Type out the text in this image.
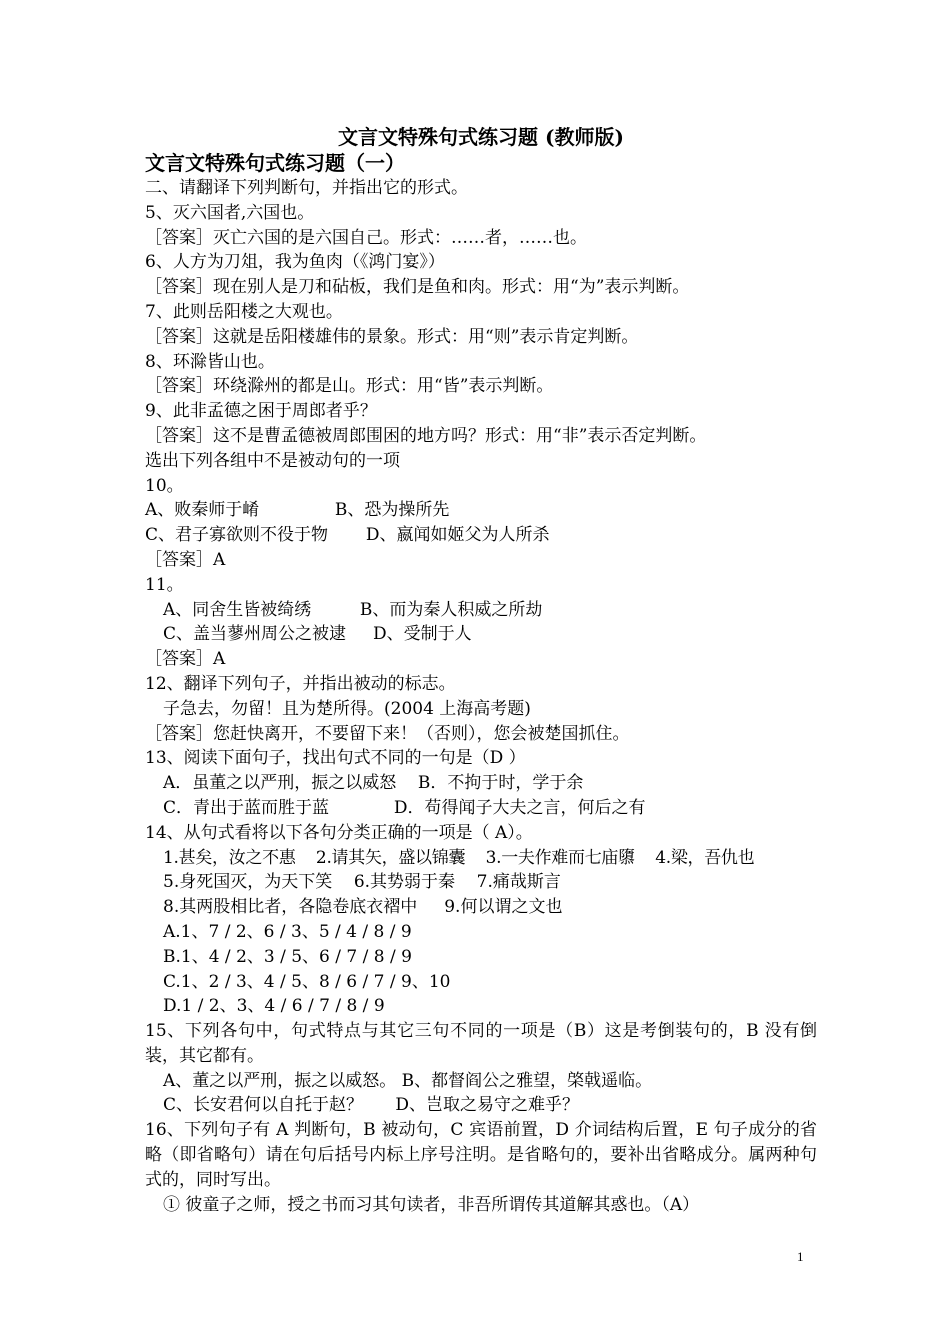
文言文特殊句式练习题 (教师版)

文言文特殊句式练习题（一）

二、请翻译下列判断句，并指出它的形式。

5、灭六国者,六国也。

［答案］灭亡六国的是六国自己。形式：……者，……也。

6、人方为刀俎，我为鱼肉（《鸿门宴》）

［答案］现在别人是刀和砧板，我们是鱼和肉。形式：用“为”表示判断。

7、此则岳阳楼之大观也。

［答案］这就是岳阳楼雄伟的景象。形式：用“则”表示肯定判断。

8、环滁皆山也。

［答案］环绕滁州的都是山。形式：用“皆”表示判断。

9、此非孟德之困于周郎者乎？

［答案］这不是曹孟德被周郎围困的地方吗？形式：用“非”表示否定判断。

选出下列各组中不是被动句的一项

10。

A、败秦师于崤              B、恐为操所先

C、君子寡欲则不役于物       D、嬴闻如姬父为人所杀

［答案］A

11。

A、同舍生皆被绮绣         B、而为秦人积威之所劫

C、盖当蓼州周公之被逮     D、受制于人

［答案］A

12、翻译下列句子，并指出被动的标志。

子急去，勿留！且为楚所得。(2004 上海高考题)

［答案］您赶快离开，不要留下来！（否则），您会被楚国抓住。

13、阅读下面句子，找出句式不同的一句是（D ）

A．虽董之以严刑，振之以威怒    B．不拘于时，学于余

C．青出于蓝而胜于蓝            D．苟得闻子大夫之言，何后之有

14、从句式看将以下各句分类正确的一项是（ A）。

1.甚矣，汝之不惠    2.请其矢，盛以锦囊    3.一夫作难而七庙隳    4.梁，吾仇也

5.身死国灭，为天下笑    6.其势弱于秦    7.痛哉斯言

8.其两股相比者，各隐卷底衣褶中     9.何以谓之文也

A.1、7 / 2、6 / 3、5 / 4 / 8 / 9

B.1、4 / 2、3 / 5、6 / 7 / 8 / 9

C.1、2 / 3、4 / 5、8 / 6 / 7 / 9、10

D.1 / 2、3、4 / 6 / 7 / 8 / 9

15、下列各句中，句式特点与其它三句不同的一项是（B）这是考倒装句的，B 没有倒装，其它都有。

A、董之以严刑，振之以威怒。 B、都督阎公之雅望，棨戟遥临。

C、长安君何以自托于赵？      D、岂取之易守之难乎？

16、下列句子有 A 判断句，B 被动句，C 宾语前置，D 介词结构后置，E 句子成分的省略（即省略句）请在句后括号内标上序号注明。是省略句的，要补出省略成分。属两种句式的，同时写出。

① 彼童子之师，授之书而习其句读者，非吾所谓传其道解其惑也。（A）

1
